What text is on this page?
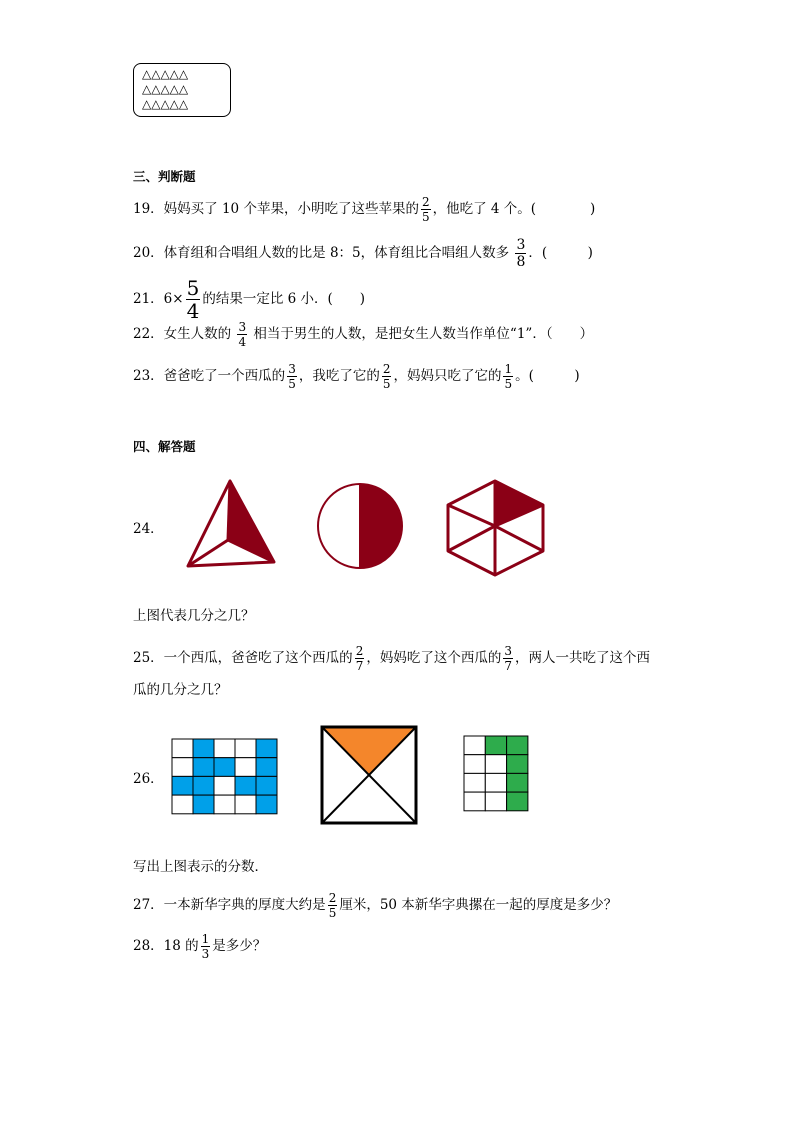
△△△△△
△△△△△
△△△△△
三、判断题
19．妈妈买了 10 个苹果，小明吃了这些苹果的 $\frac{2}{5}$ ，他吃了 4 个。(　　　　)
20．体育组和合唱组人数的比是 8：5，体育组比合唱组人数多 $\frac{3}{8}$ ．(　　　)
21．$6\times \frac{5}{4}$ 的结果一定比 6 小．(　　)
22．女生人数的 $\frac{3}{4}$ 相当于男生的人数，是把女生人数当作单位“1”．（　　）
23．爸爸吃了一个西瓜的 $\frac{3}{5}$ ，我吃了它的 $\frac{2}{5}$ ，妈妈只吃了它的 $\frac{1}{5}$ 。(　　　)
四、解答题
24．
上图代表几分之几？
25．一个西瓜，爸爸吃了这个西瓜的 $\frac{2}{7}$ ，妈妈吃了这个西瓜的 $\frac{3}{7}$ ，两人一共吃了这个西
瓜的几分之几？
26．
写出上图表示的分数．
27．一本新华字典的厚度大约是 $\frac{2}{5}$ 厘米，50 本新华字典摞在一起的厚度是多少？
28．18 的 $\frac{1}{3}$ 是多少？
